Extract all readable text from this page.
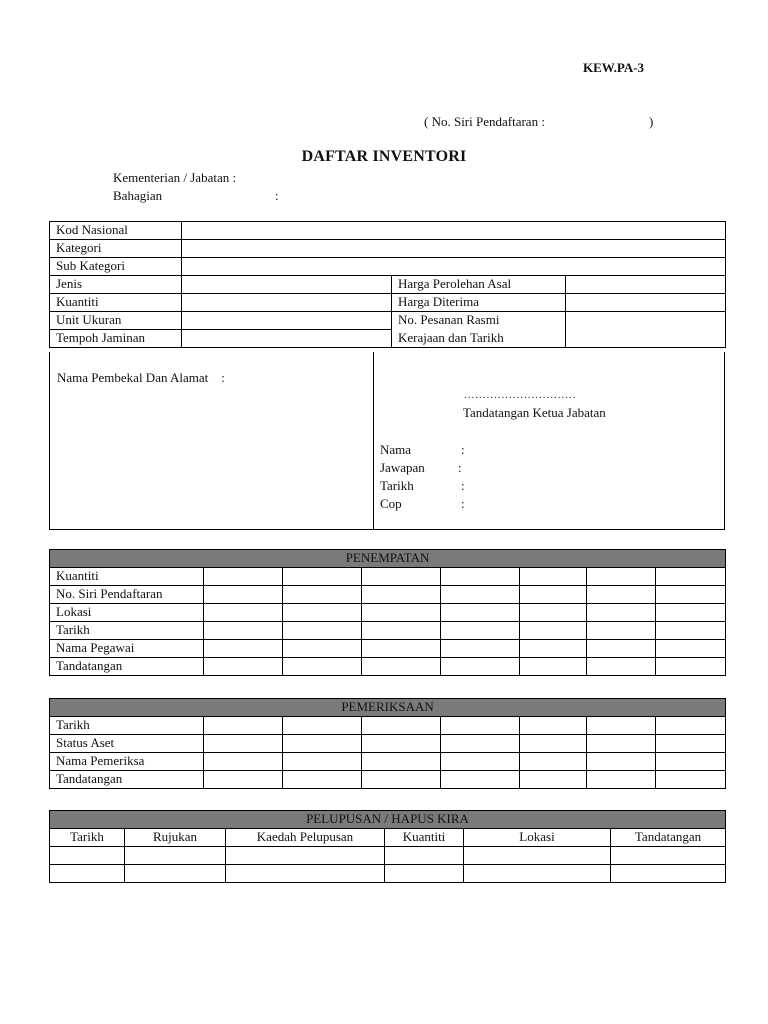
KEW.PA-3
( No. Siri Pendaftaran :	)
DAFTAR INVENTORI
Kementerian / Jabatan :
Bahagian	:
Kod Nasional			
Kategori			
Sub Kategori			
Jenis		Harga Perolehan Asal	
Kuantiti		Harga Diterima	
Unit Ukuran		No. Pesanan Rasmi	
Tempoh Jaminan		Kerajaan dan Tarikh	
Nama Pembekal Dan Alamat    :
..............................
Tandatangan Ketua Jabatan
Nama	:
Jawapan	:
Tarikh	:
Cop	:
PENEMPATAN							
Kuantiti							
No. Siri Pendaftaran							
Lokasi							
Tarikh							
Nama Pegawai							
Tandatangan							
PEMERIKSAAN							
Tarikh							
Status Aset							
Nama Pemeriksa							
Tandatangan							
PELUPUSAN / HAPUS KIRA					
Tarikh	Rujukan	Kaedah Pelupusan	Kuantiti	Lokasi	Tandatangan
